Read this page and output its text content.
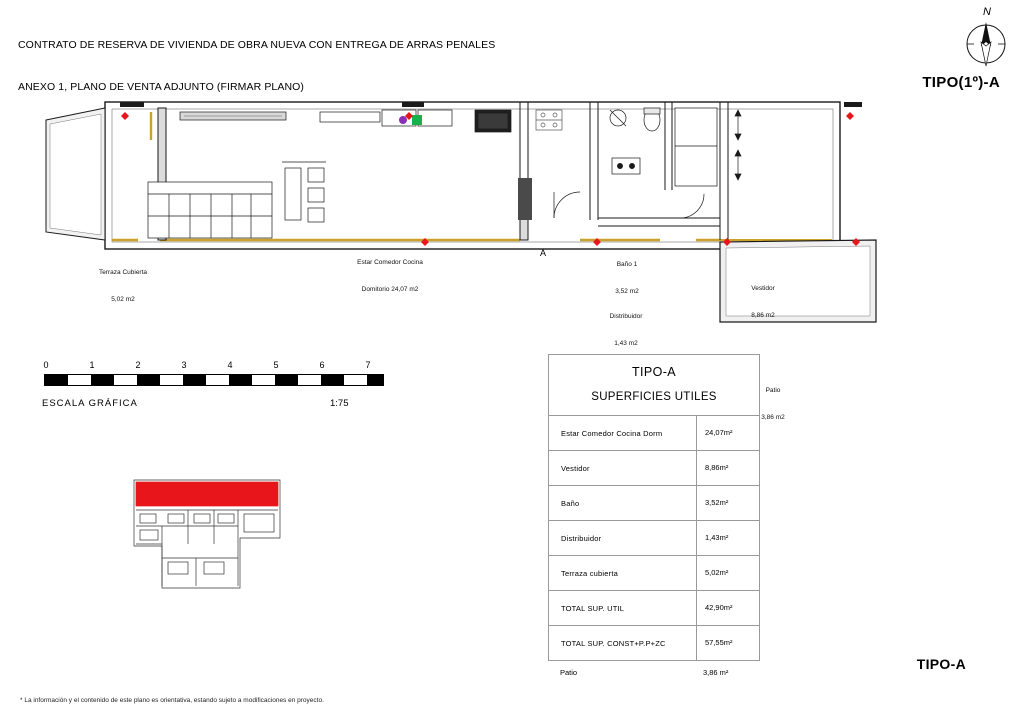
CONTRATO DE RESERVA DE VIVIENDA DE OBRA NUEVA CON ENTREGA DE ARRAS PENALES

ANEXO 1, PLANO DE VENTA ADJUNTO (FIRMAR PLANO)

N
TIPO(1º)-A
TIPO-A

Terraza Cubierta

5,02 m2

Estar Comedor Cocina

Domitorio 24,07 m2

Baño 1

3,52 m2

	Vestidor

8,86 m2

Distribuidor

1,43 m2

Patio

3,86 m2

FRZ
A
0	1	2	3	4	5	6	7
ESCALA GRÁFICA	1:75
TIPO-A
SUPERFICIES UTILES
Estar Comedor Cocina Dorm	24,07m²
Vestidor	8,86m²
Baño	3,52m²
Distribuidor	1,43m²
Terraza cubierta	5,02m²
TOTAL SUP. UTIL	42,90m²
TOTAL SUP. CONST+P.P+ZC	57,55m²
Patio	3,86 m²
* La información y el contenido de este plano es orientativa, estando sujeto a modificaciones en proyecto.
